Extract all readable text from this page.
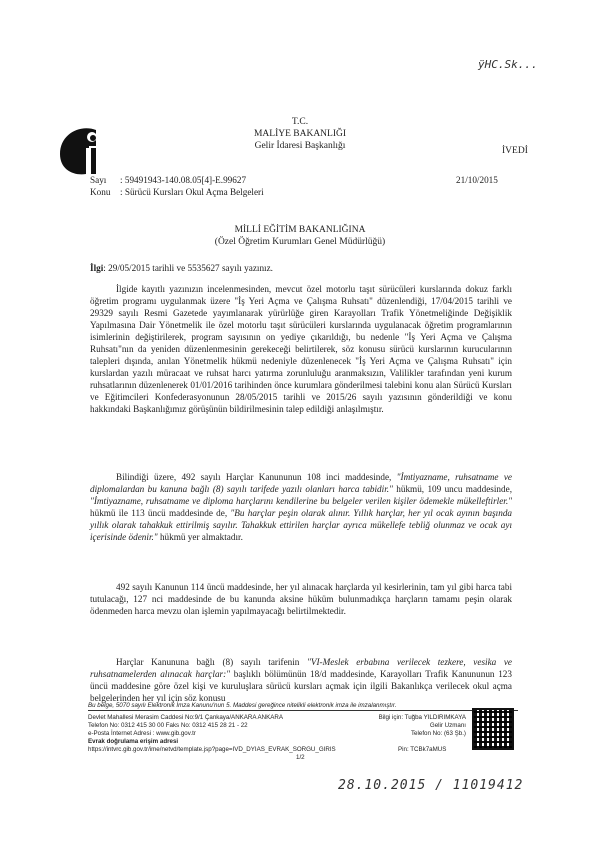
ÿHC.Sk...
T.C.
MALİYE BAKANLIĞI
Gelir İdaresi Başkanlığı	İVEDİ
Sayı : 59491943-140.08.05[4]-E.99627
Konu : Sürücü Kursları Okul Açma Belgeleri
21/10/2015
MİLLİ EĞİTİM BAKANLIĞINA
(Özel Öğretim Kurumları Genel Müdürlüğü)
İlgi: 29/05/2015 tarihli ve 5535627 sayılı yazınız.
İlgide kayıtlı yazınızın incelenmesinden, mevcut özel motorlu taşıt sürücüleri kurslarında dokuz farklı öğretim programı uygulanmak üzere "İş Yeri Açma ve Çalışma Ruhsatı" düzenlendiği, 17/04/2015 tarihli ve 29329 sayılı Resmi Gazetede yayımlanarak yürürlüğe giren Karayolları Trafik Yönetmeliğinde Değişiklik Yapılmasına Dair Yönetmelik ile özel motorlu taşıt sürücüleri kurslarında uygulanacak öğretim programlarının isimlerinin değiştirilerek, program sayısının on yediye çıkarıldığı, bu nedenle "İş Yeri Açma ve Çalışma Ruhsatı"nın da yeniden düzenlenmesinin gerekeceği belirtilerek, söz konusu sürücü kurslarının kurucularının talepleri dışında, anılan Yönetmelik hükmü nedeniyle düzenlenecek "İş Yeri Açma ve Çalışma Ruhsatı" için kurslardan yazılı müracaat ve ruhsat harcı yatırma zorunluluğu aranmaksızın, Valilikler tarafından yeni kurum ruhsatlarının düzenlenerek 01/01/2016 tarihinden önce kurumlara gönderilmesi talebini konu alan Sürücü Kursları ve Eğitimcileri Konfederasyonunun 28/05/2015 tarihli ve 2015/26 sayılı yazısının gönderildiği ve konu hakkındaki Başkanlığımız görüşünün bildirilmesinin talep edildiği anlaşılmıştır.
Bilindiği üzere, 492 sayılı Harçlar Kanununun 108 inci maddesinde, "İmtiyazname, ruhsatname ve diplomalardan bu kanuna bağlı (8) sayılı tarifede yazılı olanları harca tabidir." hükmü, 109 uncu maddesinde, "İmtiyazname, ruhsatname ve diploma harçlarını kendilerine bu belgeler verilen kişiler ödemekle mükelleftirler." hükmü ile 113 üncü maddesinde de, "Bu harçlar peşin olarak alınır. Yıllık harçlar, her yıl ocak ayının başında yıllık olarak tahakkuk ettirilmiş sayılır. Tahakkuk ettirilen harçlar ayrıca mükellefe tebliğ olunmaz ve ocak ayı içerisinde ödenir." hükmü yer almaktadır.
492 sayılı Kanunun 114 üncü maddesinde, her yıl alınacak harçlarda yıl kesirlerinin, tam yıl gibi harca tabi tutulacağı, 127 nci maddesinde de bu kanunda aksine hüküm bulunmadıkça harçların tamamı peşin olarak ödenmeden harca mevzu olan işlemin yapılmayacağı belirtilmektedir.
Harçlar Kanununa bağlı (8) sayılı tarifenin "VI-Meslek erbabına verilecek tezkere, vesika ve ruhsatnamelerden alınacak harçlar:" başlıklı bölümünün 18/d maddesinde, Karayolları Trafik Kanununun 123 üncü maddesine göre özel kişi ve kuruluşlara sürücü kursları açmak için ilgili Bakanlıkça verilecek okul açma belgelerinden her yıl için söz konusu
Bu belge, 5070 sayılı Elektronik İmza Kanunu'nun 5. Maddesi gereğince nitelikli elektronik imza ile imzalanmıştır.
Devlet Mahallesi Merasim Caddesi No:9/1 Çankaya/ANKARA ANKARA
Telefon No: 0312 415 30 00 Faks No: 0312 415 28 21 - 22
e-Posta İnternet Adresi : www.gib.gov.tr
Evrak doğrulama erişim adresi
https://intvrc.gib.gov.tr/ime/netvd/template.jsp?page=IVD_DYIAS_EVRAK_SORGU_GIRIS
Bilgi için: Tuğba YILDIRIMKAYA
Gelir Uzmanı
Telefon No: (63 Şb.)
Pin: TCBk7aMUS
1/2
28.10.2015 / 11019412
